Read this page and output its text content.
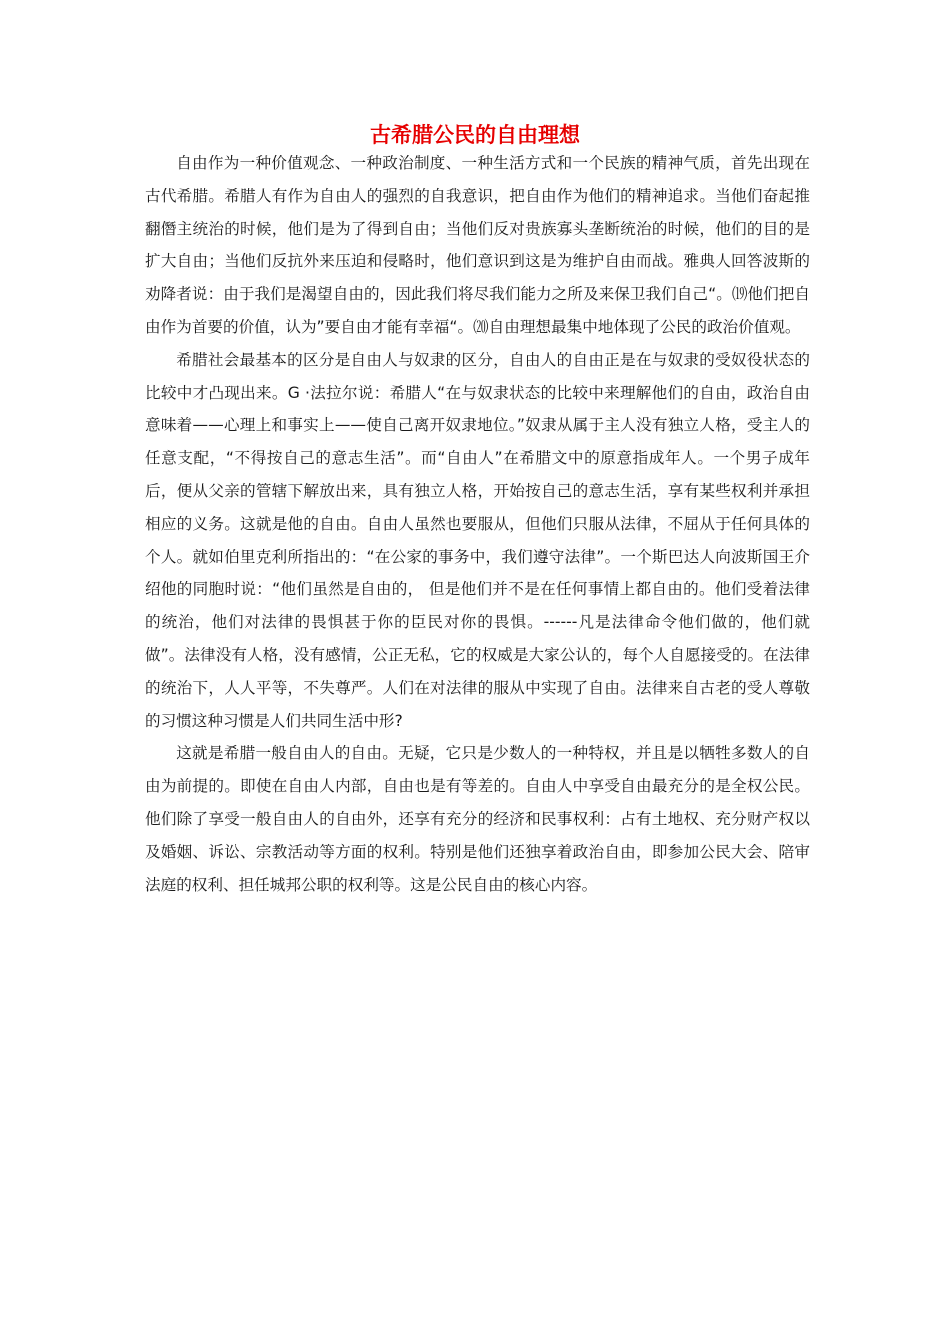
古希腊公民的自由理想

自由作为一种价值观念、一种政治制度、一种生活方式和一个民族的精神气质，首先出现在古代希腊。希腊人有作为自由人的强烈的自我意识，把自由作为他们的精神追求。当他们奋起推翻僭主统治的时候，他们是为了得到自由；当他们反对贵族寡头垄断统治的时候，他们的目的是扩大自由；当他们反抗外来压迫和侵略时，他们意识到这是为维护自由而战。雅典人回答波斯的劝降者说：由于我们是渴望自由的，因此我们将尽我们能力之所及来保卫我们自己“。⒆他们把自由作为首要的价值，认为”要自由才能有幸福“。⒇自由理想最集中地体现了公民的政治价值观。

希腊社会最基本的区分是自由人与奴隶的区分，自由人的自由正是在与奴隶的受奴役状态的比较中才凸现出来。G ·法拉尔说：希腊人“在与奴隶状态的比较中来理解他们的自由，政治自由意味着——心理上和事实上——使自己离开奴隶地位。”奴隶从属于主人没有独立人格，受主人的任意支配，“不得按自己的意志生活”。而“自由人”在希腊文中的原意指成年人。一个男子成年后，便从父亲的管辖下解放出来，具有独立人格，开始按自己的意志生活，享有某些权利并承担相应的义务。这就是他的自由。自由人虽然也要服从，但他们只服从法律，不屈从于任何具体的个人。就如伯里克利所指出的：“在公家的事务中，我们遵守法律”。一个斯巴达人向波斯国王介绍他的同胞时说：“他们虽然是自由的， 但是他们并不是在任何事情上都自由的。他们受着法律的统治，他们对法律的畏惧甚于你的臣民对你的畏惧。------凡是法律命令他们做的，他们就做”。法律没有人格，没有感情，公正无私，它的权威是大家公认的，每个人自愿接受的。在法律的统治下，人人平等，不失尊严。人们在对法律的服从中实现了自由。法律来自古老的受人尊敬的习惯这种习惯是人们共同生活中形?

这就是希腊一般自由人的自由。无疑，它只是少数人的一种特权，并且是以牺牲多数人的自由为前提的。即使在自由人内部，自由也是有等差的。自由人中享受自由最充分的是全权公民。他们除了享受一般自由人的自由外，还享有充分的经济和民事权利：占有土地权、充分财产权以及婚姻、诉讼、宗教活动等方面的权利。特别是他们还独享着政治自由，即参加公民大会、陪审法庭的权利、担任城邦公职的权利等。这是公民自由的核心内容。
